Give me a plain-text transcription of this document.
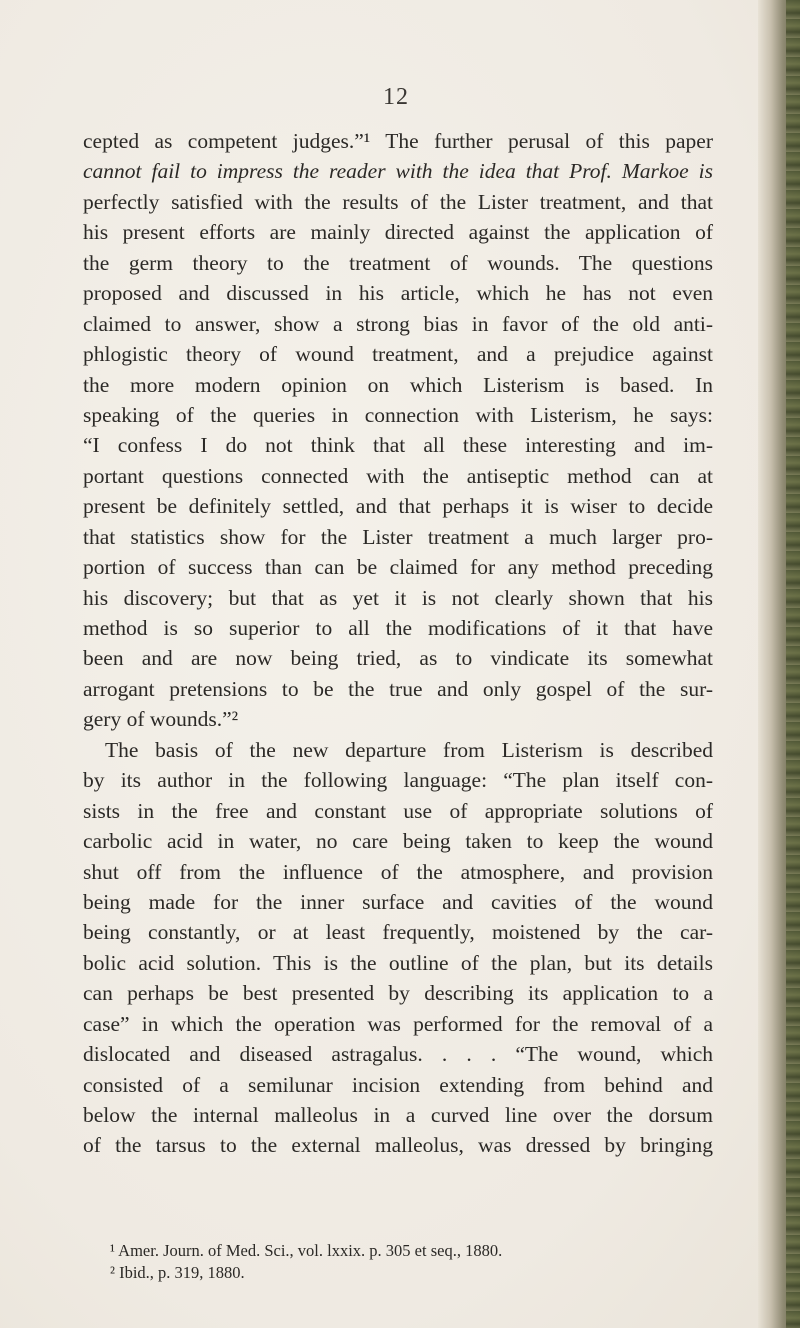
12
cepted as competent judges.”¹ The further perusal of this paper
cannot fail to impress the reader with the idea that Prof. Markoe is
perfectly satisfied with the results of the Lister treatment, and that
his present efforts are mainly directed against the application of
the germ theory to the treatment of wounds. The questions
proposed and discussed in his article, which he has not even
claimed to answer, show a strong bias in favor of the old anti-
phlogistic theory of wound treatment, and a prejudice against
the more modern opinion on which Listerism is based. In
speaking of the queries in connection with Listerism, he says:
“I confess I do not think that all these interesting and im-
portant questions connected with the antiseptic method can at
present be definitely settled, and that perhaps it is wiser to decide
that statistics show for the Lister treatment a much larger pro-
portion of success than can be claimed for any method preceding
his discovery; but that as yet it is not clearly shown that his
method is so superior to all the modifications of it that have
been and are now being tried, as to vindicate its somewhat
arrogant pretensions to be the true and only gospel of the sur-
gery of wounds.”²
The basis of the new departure from Listerism is described
by its author in the following language: “The plan itself con-
sists in the free and constant use of appropriate solutions of
carbolic acid in water, no care being taken to keep the wound
shut off from the influence of the atmosphere, and provision
being made for the inner surface and cavities of the wound
being constantly, or at least frequently, moistened by the car-
bolic acid solution. This is the outline of the plan, but its details
can perhaps be best presented by describing its application to a
case” in which the operation was performed for the removal of a
dislocated and diseased astragalus. . . . “The wound, which
consisted of a semilunar incision extending from behind and
below the internal malleolus in a curved line over the dorsum
of the tarsus to the external malleolus, was dressed by bringing
¹ Amer. Journ. of Med. Sci., vol. lxxix. p. 305 et seq., 1880.
² Ibid., p. 319, 1880.
